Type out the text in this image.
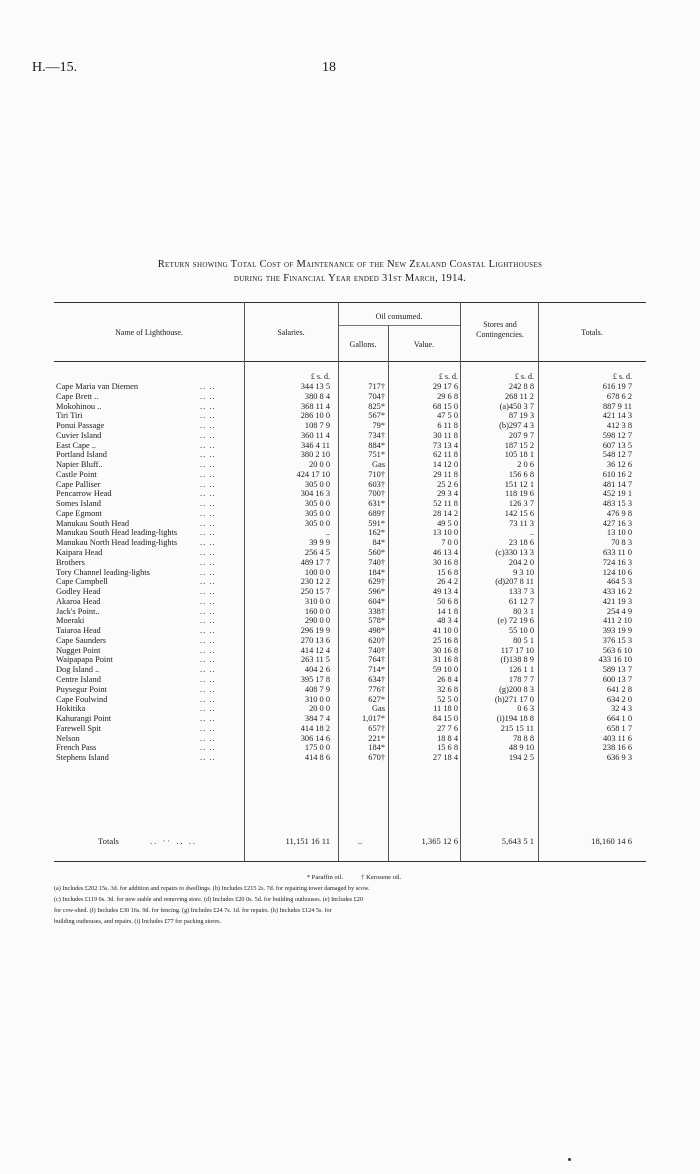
H.—15.	18
Return showing Total Cost of Maintenance of the New Zealand Coastal Lighthouses
during the Financial Year ended 31st March, 1914.
Name of Lighthouse.	Salaries.
Oil consumed.
Gallons.	Value.
Stores and Contingencies.	Totals.
£ s. d.	£ s. d.	£ s. d.	£ s. d.
Cape Maria van Diemen	344 13 5	717†	29 17 6	242 8 8	616 19 7
.. ..
Cape Brett ..	380 8 4	704†	29 6 8	268 11 2	678 6 2
.. ..
Mokohinou ..	368 11 4	825*	68 15 0	(a)450 3 7	887 9 11
.. ..
Tiri Tiri	286 10 0	567*	47 5 0	87 19 3	421 14 3
.. ..
Ponui Passage	108 7 9	79*	6 11 8	(b)297 4 3	412 3 8
.. ..
Cuvier Island	360 11 4	734†	30 11 8	207 9 7	598 12 7
.. ..
East Cape ..	346 4 11	884*	73 13 4	187 15 2	607 13 5
.. ..
Portland Island	380 2 10	751*	62 11 8	105 18 1	548 12 7
.. ..
Napier Bluff..	20 0 0	Gas	14 12 0	2 0 6	36 12 6
.. ..
Castle Point	424 17 10	710†	29 11 8	156 6 8	610 16 2
.. ..
Cape Palliser	305 0 0	603†	25 2 6	151 12 1	481 14 7
.. ..
Pencarrow Head	304 16 3	700†	29 3 4	118 19 6	452 19 1
.. ..
Somes Island	305 0 0	631*	52 11 8	126 3 7	483 15 3
.. ..
Cape Egmont	305 0 0	689†	28 14 2	142 15 6	476 9 8
.. ..
Manukau South Head	305 0 0	591*	49 5 0	73 11 3	427 16 3
.. ..
Manukau South Head leading-lights	..	162*	13 10 0	..	13 10 0
.. ..
Manukau North Head leading-lights	39 9 9	84*	7 0 0	23 18 6	70 8 3
.. ..
Kaipara Head	256 4 5	560*	46 13 4	(c)330 13 3	633 11 0
.. ..
Brothers	489 17 7	740†	30 16 8	204 2 0	724 16 3
.. ..
Tory Channel leading-lights	100 0 0	184*	15 6 8	9 3 10	124 10 6
.. ..
Cape Campbell	230 12 2	629†	26 4 2	(d)207 8 11	464 5 3
.. ..
Godley Head	250 15 7	596*	49 13 4	133 7 3	433 16 2
.. ..
Akaroa Head	310 0 0	604*	50 6 8	61 12 7	421 19 3
.. ..
Jack's Point..	160 0 0	338†	14 1 8	80 3 1	254 4 9
.. ..
Moeraki	290 0 0	578*	48 3 4	(e) 72 19 6	411 2 10
.. ..
Taiaroa Head	296 19 9	498*	41 10 0	55 10 0	393 19 9
.. ..
Cape Saunders	270 13 6	620†	25 16 8	80 5 1	376 15 3
.. ..
Nugget Point	414 12 4	740†	30 16 8	117 17 10	563 6 10
.. ..
Waipapapa Point	263 11 5	764†	31 16 8	(f)138 8 9	433 16 10
.. ..
Dog Island ..	404 2 6	714*	59 10 0	126 1 1	589 13 7
.. ..
Centre Island	395 17 8	634†	26 8 4	178 7 7	600 13 7
.. ..
Puysegur Point	408 7 9	776†	32 6 8	(g)200 8 3	641 2 8
.. ..
Cape Foulwind	310 0 0	627*	52 5 0	(h)271 17 0	634 2 0
.. ..
Hokitika	20 0 0	Gas	11 18 0	0 6 3	32 4 3
.. ..
Kahurangi Point	384 7 4	1,017*	84 15 0	(i)194 18 8	664 1 0
.. ..
Farewell Spit	414 18 2	657†	27 7 6	215 15 11	658 1 7
.. ..
Nelson	306 14 6	221*	18 8 4	78 8 8	403 11 6
.. ..
French Pass	175 0 0	184*	15 6 8	48 9 10	238 16 6
.. ..
Stephens Island	414 8 6	670†	27 18 4	194 2 5	636 9 3
.. ..
Totals	.. ·· .. ..	11,151 16 11	..	1,365 12 6	5,643 5 1	18,160 14 6
* Paraffin oil.	† Kerosene oil.
(a) Includes £202 15s. 3d. for addition and repairs to dwellings. (b) Includes £215 2s. 7d. for repairing tower damaged by scow.
(c) Includes £119 0s. 3d. for new stable and removing store. (d) Includes £20 0s. 5d. for building outhouses. (e) Includes £20
for cow-shed. (f) Includes £30 16s. 9d. for fencing. (g) Includes £24 7s. 1d. for repairs. (h) Includes £124 5s. for
building outhouses, and repairs. (i) Includes £77 for packing stores.
